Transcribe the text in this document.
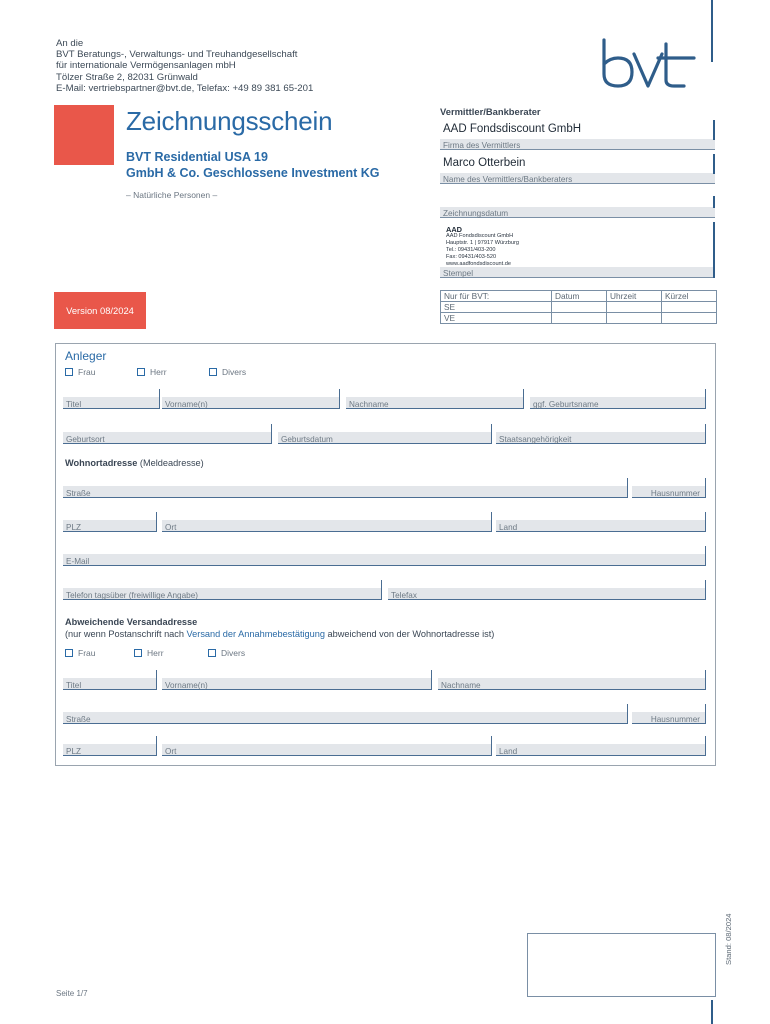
An die
BVT Beratungs-, Verwaltungs- und Treuhandgesellschaft
für internationale Vermögensanlagen mbH
Tölzer Straße 2, 82031 Grünwald
E-Mail: vertriebspartner@bvt.de, Telefax: +49 89 381 65-201
Zeichnungsschein
BVT Residential USA 19
GmbH & Co. Geschlossene Investment KG
– Natürliche Personen –
Vermittler/Bankberater
AAD Fondsdiscount GmbH
Firma des Vermittlers
Marco Otterbein
Name des Vermittlers/Bankberaters
Zeichnungsdatum
AAD
AAD Fondsdiscount GmbH
Hauptstr. 1 | 97917 Würzburg
Tel.: 09431/403-200
Fax: 09431/403-520
www.aadfondsdiscount.de
Stempel
Version 08/2024
Nur für BVT:	Datum	Uhrzeit	Kürzel
SE			
VE			
Anleger
Frau	Herr	Divers
Titel	Vorname(n)	Nachname	ggf. Geburtsname
Geburtsort	Geburtsdatum	Staatsangehörigkeit
Wohnortadresse (Meldeadresse)
Straße	Hausnummer
PLZ	Ort	Land
E-Mail
Telefon tagsüber (freiwillige Angabe)	Telefax
Abweichende Versandadresse
(nur wenn Postanschrift nach Versand der Annahmebestätigung abweichend von der Wohnortadresse ist)
Frau	Herr	Divers
Titel	Vorname(n)	Nachname
Straße	Hausnummer
PLZ	Ort	Land
Seite 1/7
Stand: 08/2024
